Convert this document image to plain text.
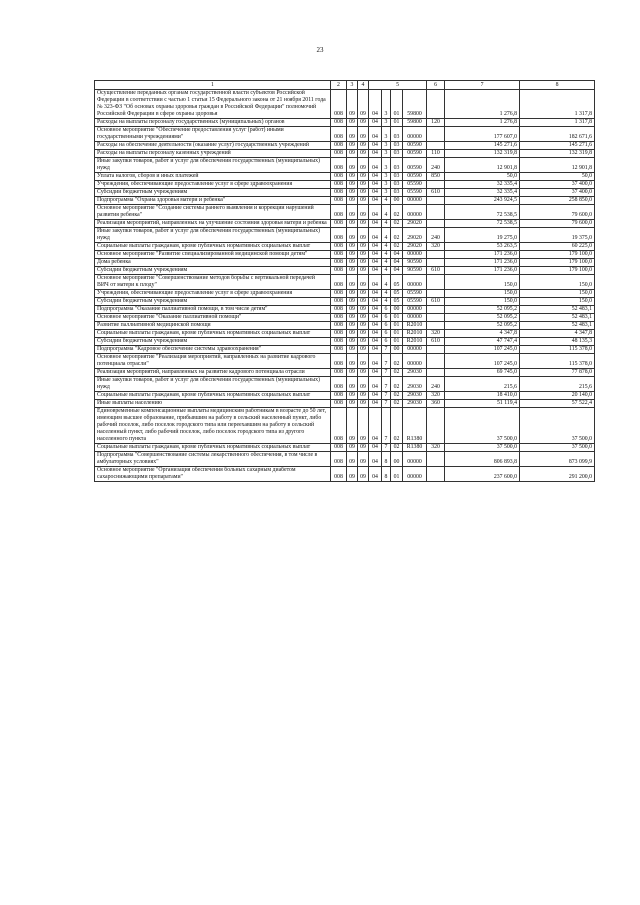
23
1	2	3	4	5				6	7	8
Осуществление переданных органам государственной власти субъектов Российской Федерации в соответствии с частью 1 статьи 15 Федерального закона от 21 ноября 2011 года № 323-ФЗ "Об основах охраны здоровья граждан в Российской Федерации" полномочий Российской Федерации в сфере охраны здоровья	008	09	09	04	3	01	59800		1 276,8	1 317,8
Расходы на выплаты персоналу государственных (муниципальных) органов	008	09	09	04	3	01	59800	120	1 276,8	1 317,8
Основное мероприятие "Обеспечение предоставления услуг (работ) иными государственными учреждениями"	008	09	09	04	3	03	00000		177 607,0	182 671,6
Расходы на обеспечение деятельности (оказание услуг) государственных учреждений	008	09	09	04	3	03	00590		145 271,6	145 271,6
Расходы на выплаты персоналу казенных учреждений	008	09	09	04	3	03	00590	110	132 319,8	132 319,8
Иные закупки товаров, работ и услуг для обеспечения государственных (муниципальных) нужд	008	09	09	04	3	03	00590	240	12 901,8	12 901,8
Уплата налогов, сборов и иных платежей	008	09	09	04	3	03	00590	850	50,0	50,0
Учреждения, обеспечивающие предоставление услуг в сфере здравоохранения	008	09	09	04	3	03	05590		32 335,4	37 400,0
Субсидии бюджетным учреждениям	008	09	09	04	3	03	05590	610	32 335,4	37 400,0
Подпрограмма "Охрана здоровья матери и ребенка"	008	09	09	04	4	00	00000		243 924,5	258 850,0
Основное мероприятие "Создание системы раннего выявления и коррекции нарушений развития ребенка"	008	09	09	04	4	02	00000		72 538,5	79 600,0
Реализация мероприятий, направленных на улучшение состояния здоровья матери и ребенка	008	09	09	04	4	02	29020		72 538,5	79 600,0
Иные закупки товаров, работ и услуг для обеспечения государственных (муниципальных) нужд	008	09	09	04	4	02	29020	240	19 275,0	19 375,0
Социальные выплаты гражданам, кроме публичных нормативных социальных выплат	008	09	09	04	4	02	29020	320	53 263,5	60 225,0
Основное мероприятие "Развитие специализированной медицинской помощи детям"	008	09	09	04	4	04	00000		171 236,0	179 100,0
Дома ребенка	008	09	09	04	4	04	90590		171 236,0	179 100,0
Субсидии бюджетным учреждениям	008	09	09	04	4	04	90590	610	171 236,0	179 100,0
Основное мероприятие "Совершенствование методов борьбы с вертикальной передачей ВИЧ от матери к плоду"	008	09	09	04	4	05	00000		150,0	150,0
Учреждения, обеспечивающие предоставление услуг в сфере здравоохранения	008	09	09	04	4	05	05590		150,0	150,0
Субсидии бюджетным учреждениям	008	09	09	04	4	05	05590	610	150,0	150,0
Подпрограмма "Оказание паллиативной помощи, в том числе детям"	008	09	09	04	6	00	00000		52 095,2	52 483,1
Основное мероприятие "Оказание паллиативной помощи"	008	09	09	04	6	01	00000		52 095,2	52 483,1
Развитие паллиативной медицинской помощи	008	09	09	04	6	01	R2010		52 095,2	52 483,1
Социальные выплаты гражданам, кроме публичных нормативных социальных выплат	008	09	09	04	6	01	R2010	320	4 347,8	4 347,8
Субсидии бюджетным учреждениям	008	09	09	04	6	01	R2010	610	47 747,4	48 135,3
Подпрограмма "Кадровое обеспечение системы здравоохранения"	008	09	09	04	7	00	00000		107 245,0	115 378,0
Основное мероприятие "Реализация мероприятий, направленных на развитие кадрового потенциала отрасли"	008	09	09	04	7	02	00000		107 245,0	115 378,0
Реализация мероприятий, направленных на развитие кадрового потенциала отрасли	008	09	09	04	7	02	29030		69 745,0	77 878,0
Иные закупки товаров, работ и услуг для обеспечения государственных (муниципальных) нужд	008	09	09	04	7	02	29030	240	215,6	215,6
Социальные выплаты гражданам, кроме публичных нормативных социальных выплат	008	09	09	04	7	02	29030	320	18 410,0	20 140,0
Иные выплаты населению	008	09	09	04	7	02	29030	360	51 119,4	57 522,4
Единовременные компенсационные выплаты медицинским работникам в возрасте до 50 лет, имеющим высшее образование, прибывшим на работу в сельский населенный пункт, либо рабочий поселок, либо поселок городского типа или переехавшим на работу в сельский населенный пункт, либо рабочий поселок, либо поселок городского типа из другого населенного пункта	008	09	09	04	7	02	R1380		37 500,0	37 500,0
Социальные выплаты гражданам, кроме публичных нормативных социальных выплат	008	09	09	04	7	02	R1380	320	37 500,0	37 500,0
Подпрограмма "Совершенствование системы лекарственного обеспечения, в том числе в амбулаторных условиях"	008	09	09	04	8	00	00000		806 893,8	873 099,9
Основное мероприятие "Организация обеспечения больных сахарным диабетом сахароснижающими препаратами"	008	09	09	04	8	01	00000		237 600,0	291 200,0
